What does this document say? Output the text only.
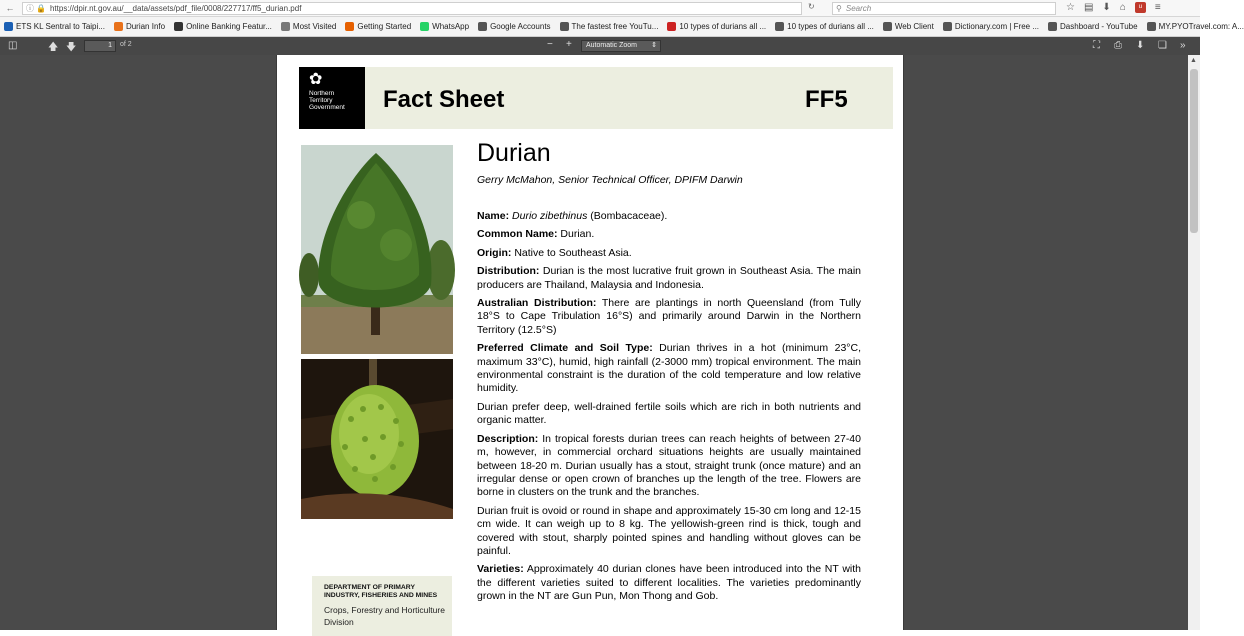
← ⓘ 🔒 https://dpir.nt.gov.au/__data/assets/pdf_file/0008/227717/ff5_durian.pdf	↻	⚲ Search	☆ ▤ ⬇ ⌂	u	≡
ETS KL Sentral to Taipi...	Durian Info	Online Banking Featur...	Most Visited	Getting Started	WhatsApp	Google Accounts	The fastest free YouTu...	10 types of durians all ...	10 types of durians all ...	Web Client	Dictionary.com | Free ...	Dashboard - YouTube	MY.PYOTravel.com: A...
◫	🡅 🡇	1	of 2	− +	Automatic Zoom ⇕	⛶ ⎙ ⬇ ❏ »
✿
Northern
Territory
Government	Fact Sheet	FF5
DEPARTMENT OF PRIMARY INDUSTRY, FISHERIES AND MINES
Crops, Forestry and Horticulture Division
Durian
Gerry McMahon, Senior Technical Officer, DPIFM Darwin

Name: Durio zibethinus (Bombacaceae).

Common Name: Durian.

Origin: Native to Southeast Asia.

Distribution: Durian is the most lucrative fruit grown in Southeast Asia. The main producers are Thailand, Malaysia and Indonesia.

Australian Distribution: There are plantings in north Queensland (from Tully 18°S to Cape Tribulation 16°S) and primarily around Darwin in the Northern Territory (12.5°S)

Preferred Climate and Soil Type: Durian thrives in a hot (minimum 23°C, maximum 33°C), humid, high rainfall (2-3000 mm) tropical environment. The main environmental constraint is the duration of the cold temperature and low relative humidity.

Durian prefer deep, well-drained fertile soils which are rich in both nutrients and organic matter.

Description: In tropical forests durian trees can reach heights of between 27-40 m, however, in commercial orchard situations heights are usually maintained between 18-20 m. Durian usually has a stout, straight trunk (once mature) and an irregular dense or open crown of branches up the length of the tree. Flowers are borne in clusters on the trunk and the branches.

Durian fruit is ovoid or round in shape and approximately 15-30 cm long and 12-15 cm wide. It can weigh up to 8 kg. The yellowish-green rind is thick, tough and covered with stout, sharply pointed spines and handling without gloves can be painful.

Varieties: Approximately 40 durian clones have been introduced into the NT with the different varieties suited to different localities. The varieties predominantly grown in the NT are Gun Pun, Mon Thong and Gob.

▲
